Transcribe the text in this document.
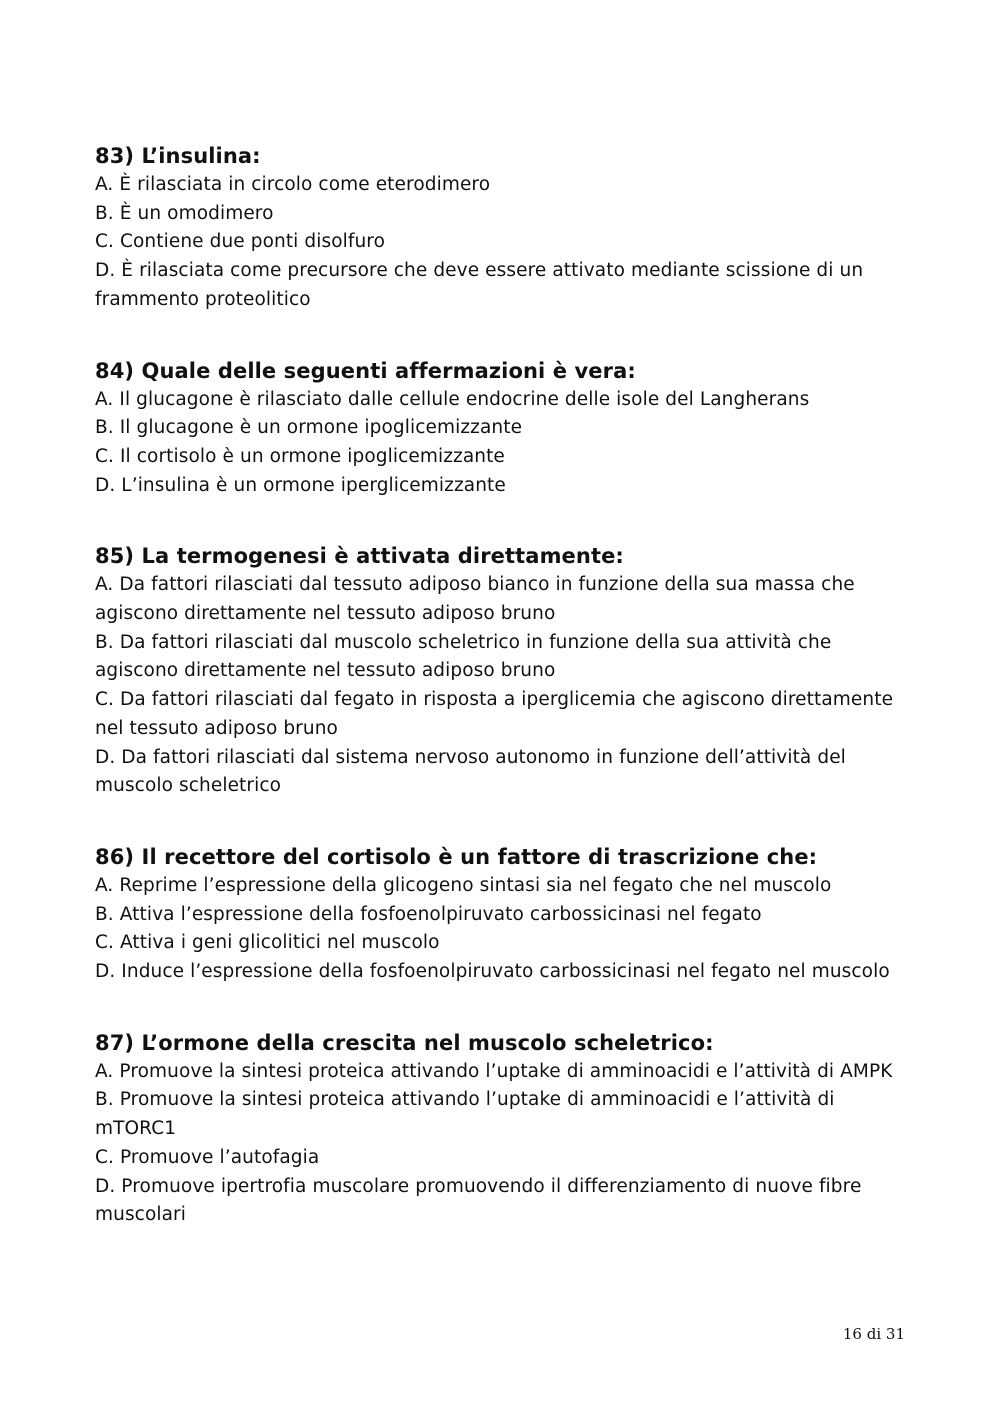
83) L’insulina:

A. È rilasciata in circolo come eterodimero

B. È un omodimero

C. Contiene due ponti disolfuro

D. È rilasciata come precursore che deve essere attivato mediante scissione di un frammento proteolitico

84) Quale delle seguenti affermazioni è vera:

A. Il glucagone è rilasciato dalle cellule endocrine delle isole del Langherans

B. Il glucagone è un ormone ipoglicemizzante

C. Il cortisolo è un ormone ipoglicemizzante

D. L’insulina è un ormone iperglicemizzante

85) La termogenesi è attivata direttamente:

A. Da fattori rilasciati dal tessuto adiposo bianco in funzione della sua massa che agiscono direttamente nel tessuto adiposo bruno

B. Da fattori rilasciati dal muscolo scheletrico in funzione della sua attività che agiscono direttamente nel tessuto adiposo bruno

C. Da fattori rilasciati dal fegato in risposta a iperglicemia che agiscono direttamente nel tessuto adiposo bruno

D. Da fattori rilasciati dal sistema nervoso autonomo in funzione dell’attività del muscolo scheletrico

86) Il recettore del cortisolo è un fattore di trascrizione che:

A. Reprime l’espressione della glicogeno sintasi sia nel fegato che nel muscolo

B. Attiva l’espressione della fosfoenolpiruvato carbossicinasi nel fegato

C. Attiva i geni glicolitici nel muscolo

D. Induce l’espressione della fosfoenolpiruvato carbossicinasi nel fegato nel muscolo

87) L’ormone della crescita nel muscolo scheletrico:

A. Promuove la sintesi proteica attivando l’uptake di amminoacidi e l’attività di AMPK

B. Promuove la sintesi proteica attivando l’uptake di amminoacidi e l’attività di mTORC1

C. Promuove l’autofagia

D. Promuove ipertrofia muscolare promuovendo il differenziamento di nuove fibre muscolari

16 di 31
